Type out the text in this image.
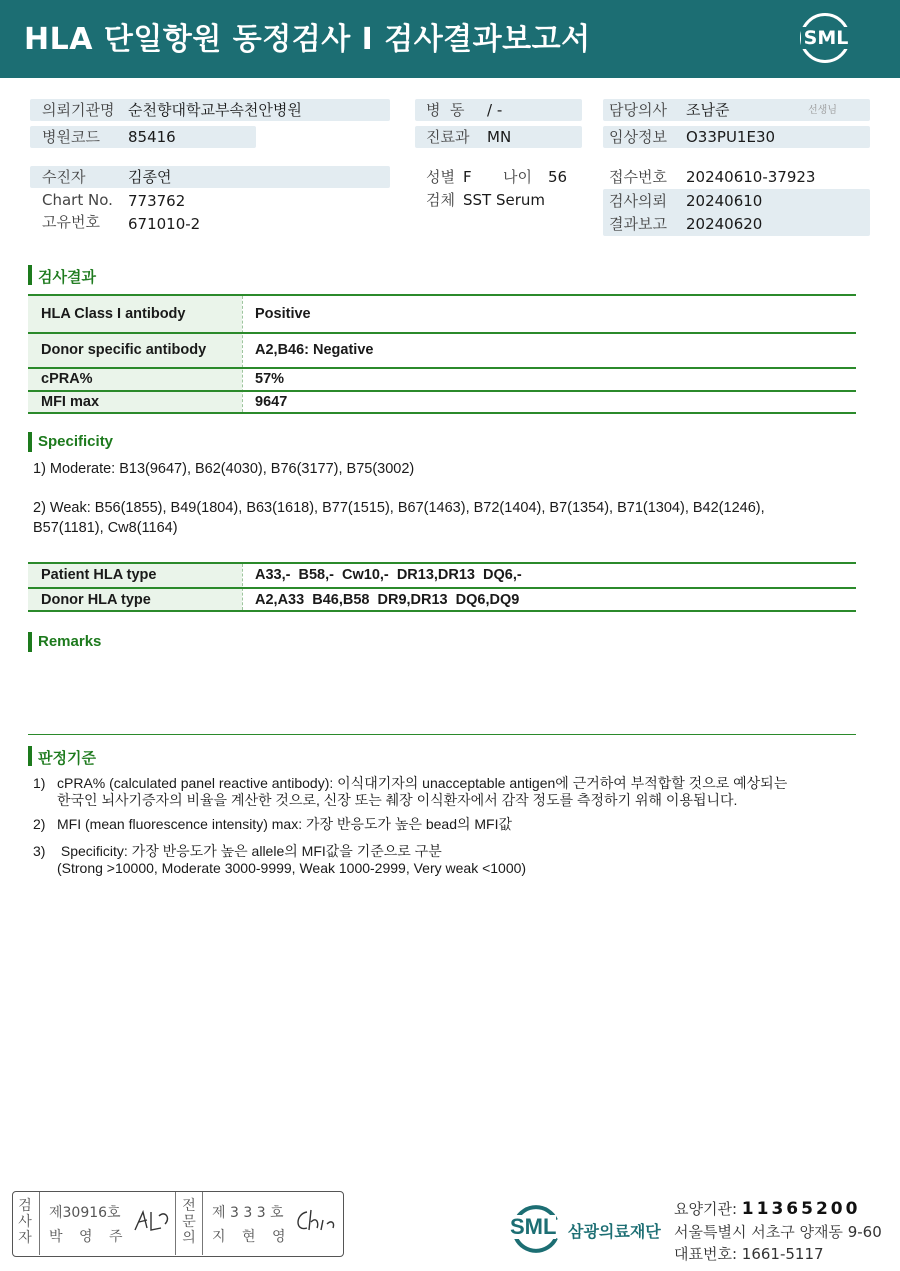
HLA 단일항원 동정검사 I 검사결과보고서	SML
의뢰기관명 순천향대학교부속천안병원
병원코드 85416
병  동 / -
진료과 MN
담당의사 조남준	선생님
임상정보 O33PU1E30
수진자	김종연
Chart No. 773762
고유번호 671010-2
성별 F 나이 56
검체 SST Serum
접수번호 20240610-37923
검사의뢰 20240610
결과보고 20240620
검사결과
HLA Class I antibody	Positive
Donor specific antibody	A2,B46: Negative
cPRA%	57%
MFI max	9647
Specificity
1) Moderate: B13(9647), B62(4030), B76(3177), B75(3002)
2) Weak: B56(1855), B49(1804), B63(1618), B77(1515), B67(1463), B72(1404), B7(1354), B71(1304), B42(1246),
B57(1181), Cw8(1164)
Patient HLA type	A33,-  B58,-  Cw10,-  DR13,DR13  DQ6,-
Donor HLA type	A2,A33  B46,B58  DR9,DR13  DQ6,DQ9
Remarks
판정기준
1) cPRA% (calculated panel reactive antibody): 이식대기자의 unacceptable antigen에 근거하여 부적합할 것으로 예상되는
한국인 뇌사기증자의 비율을 계산한 것으로, 신장 또는 췌장 이식환자에서 감작 정도를 측정하기 위해 이용됩니다.
2) MFI (mean fluorescence intensity) max: 가장 반응도가 높은 bead의 MFI값
3) Specificity: 가장 반응도가 높은 allele의 MFI값을 기준으로 구분
(Strong >10000, Moderate 3000-9999, Weak 1000-2999, Very weak <1000)
검
사
자
제30916호
박 영 주
전
문
의
제 3 3 3 호
지 현 영	SML 삼광의료재단
요양기관: 11365200
서울특별시 서초구 양재동 9-60
대표번호: 1661-5117
